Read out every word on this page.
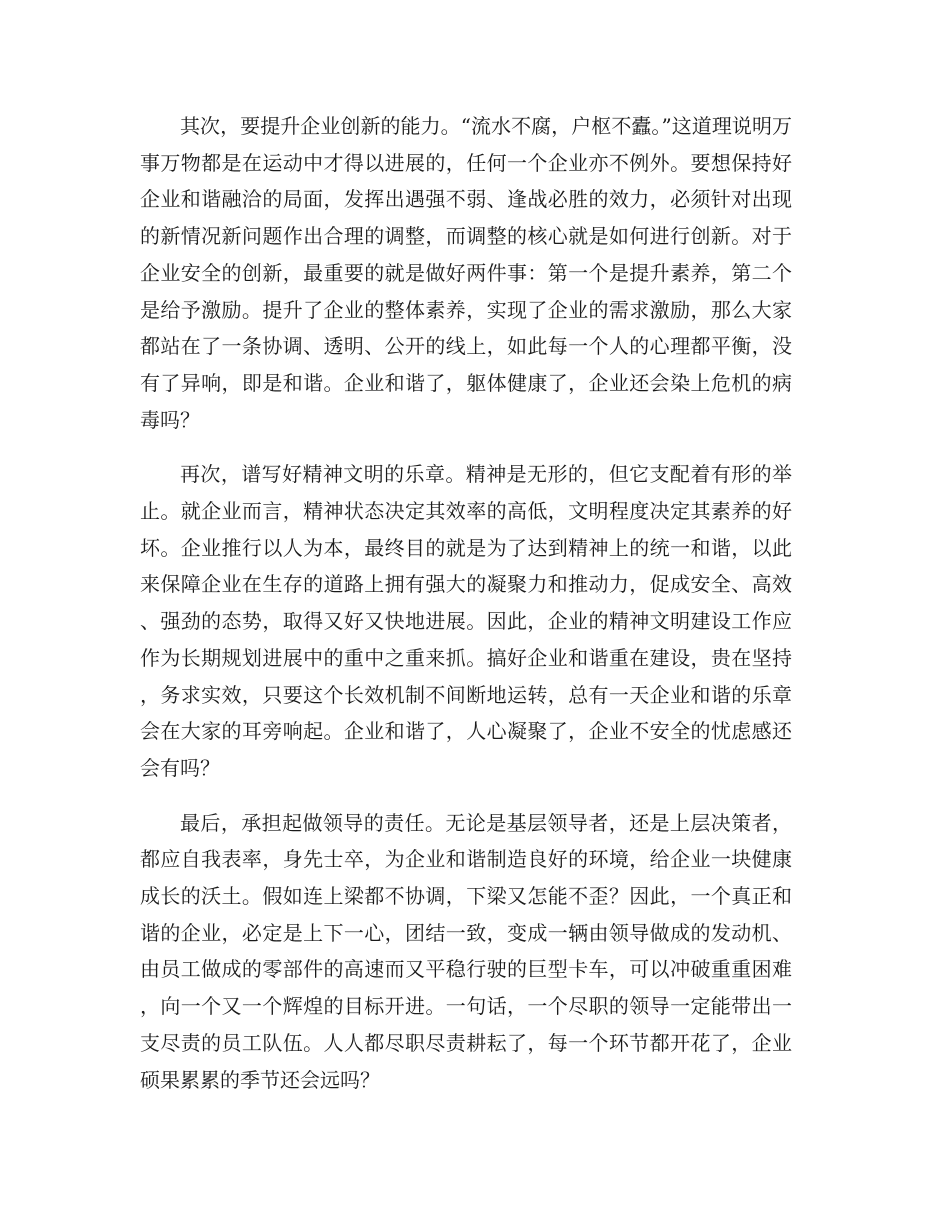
其次，要提升企业创新的能力。“流水不腐，户枢不蠹。”这道理说明万事万物都是在运动中才得以进展的，任何一个企业亦不例外。要想保持好企业和谐融洽的局面，发挥出遇强不弱、逢战必胜的效力，必须针对出现的新情况新问题作出合理的调整，而调整的核心就是如何进行创新。对于企业安全的创新，最重要的就是做好两件事：第一个是提升素养，第二个是给予激励。提升了企业的整体素养，实现了企业的需求激励，那么大家都站在了一条协调、透明、公开的线上，如此每一个人的心理都平衡，没有了异响，即是和谐。企业和谐了，躯体健康了，企业还会染上危机的病毒吗？

再次，谱写好精神文明的乐章。精神是无形的，但它支配着有形的举止。就企业而言，精神状态决定其效率的高低，文明程度决定其素养的好坏。企业推行以人为本，最终目的就是为了达到精神上的统一和谐，以此来保障企业在生存的道路上拥有强大的凝聚力和推动力，促成安全、高效、强劲的态势，取得又好又快地进展。因此，企业的精神文明建设工作应作为长期规划进展中的重中之重来抓。搞好企业和谐重在建设，贵在坚持，务求实效，只要这个长效机制不间断地运转，总有一天企业和谐的乐章会在大家的耳旁响起。企业和谐了，人心凝聚了，企业不安全的忧虑感还会有吗？

最后，承担起做领导的责任。无论是基层领导者，还是上层决策者，都应自我表率，身先士卒，为企业和谐制造良好的环境，给企业一块健康成长的沃土。假如连上梁都不协调，下梁又怎能不歪？因此，一个真正和谐的企业，必定是上下一心，团结一致，变成一辆由领导做成的发动机、由员工做成的零部件的高速而又平稳行驶的巨型卡车，可以冲破重重困难，向一个又一个辉煌的目标开进。一句话，一个尽职的领导一定能带出一支尽责的员工队伍。人人都尽职尽责耕耘了，每一个环节都开花了，企业硕果累累的季节还会远吗？
